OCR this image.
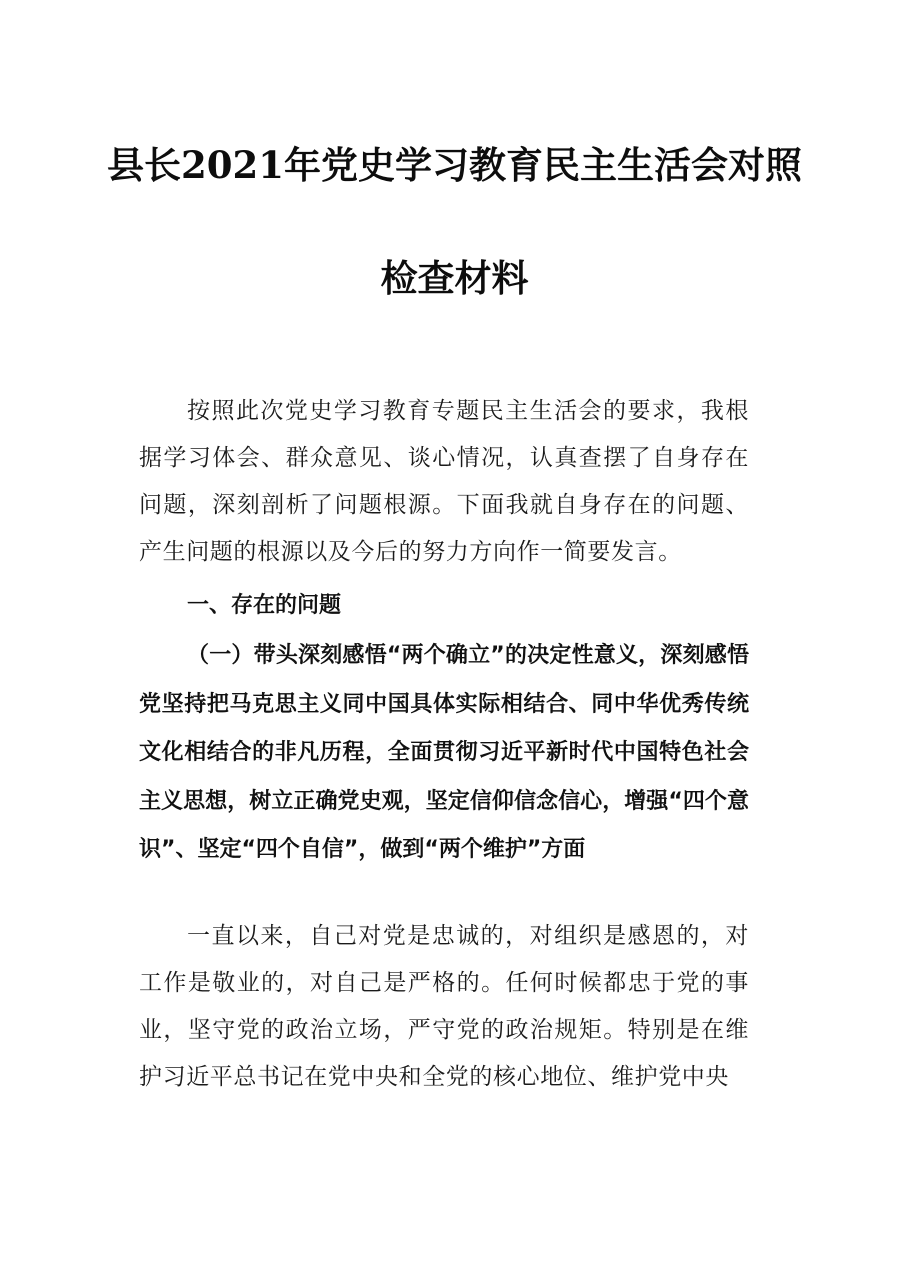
县长2021年党史学习教育民主生活会对照
检查材料

按照此次党史学习教育专题民主生活会的要求，我根据学习体会、群众意见、谈心情况，认真查摆了自身存在问题，深刻剖析了问题根源。下面我就自身存在的问题、产生问题的根源以及今后的努力方向作一简要发言。

一、存在的问题

（一）带头深刻感悟“两个确立”的决定性意义，深刻感悟党坚持把马克思主义同中国具体实际相结合、同中华优秀传统文化相结合的非凡历程，全面贯彻习近平新时代中国特色社会主义思想，树立正确党史观，坚定信仰信念信心，增强“四个意识”、坚定“四个自信”，做到“两个维护”方面

一直以来，自己对党是忠诚的，对组织是感恩的，对工作是敬业的，对自己是严格的。任何时候都忠于党的事业，坚守党的政治立场，严守党的政治规矩。特别是在维护习近平总书记在党中央和全党的核心地位、维护党中央
